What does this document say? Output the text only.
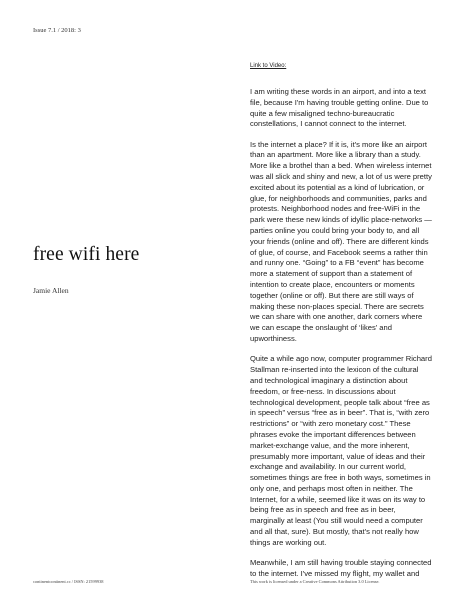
Issue 7.1 / 2018: 3
free wifi here
Jamie Allen
Link to Video:

I am writing these words in an airport, and into a text file, because I'm having trouble getting online. Due to quite a few misaligned techno-bureaucratic constellations, I cannot connect to the internet.

Is the internet a place? If it is, it's more like an airport than an apartment. More like a library than a study. More like a brothel than a bed. When wireless internet was all slick and shiny and new, a lot of us were pretty excited about its potential as a kind of lubrication, or glue, for neighborhoods and communities, parks and protests. Neighborhood nodes and free-WiFi in the park were these new kinds of idyllic place-networks — parties online you could bring your body to, and all your friends (online and off). There are different kinds of glue, of course, and Facebook seems a rather thin and runny one. “Going” to a FB “event” has become more a statement of support than a statement of intention to create place, encounters or moments together (online or off). But there are still ways of making these non-places special. There are secrets we can share with one another, dark corners where we can escape the onslaught of ‘likes’ and upworthiness.

Quite a while ago now, computer programmer Richard Stallman re-inserted into the lexicon of the cultural and technological imaginary a distinction about freedom, or free-ness. In discussions about technological development, people talk about “free as in speech” versus “free as in beer”. That is, “with zero restrictions” or “with zero monetary cost.” These phrases evoke the important differences between market-exchange value, and the more inherent, presumably more important, value of ideas and their exchange and availability. In our current world, sometimes things are free in both ways, sometimes in only one, and perhaps most often in neither. The Internet, for a while, seemed like it was on its way to being free as in speech and free as in beer, marginally at least (You still would need a computer and all that, sure). But mostly, that's not really how things are working out.

Meanwhile, I am still having trouble staying connected to the internet. I've missed my flight, my wallet and

continentcontinent.cc / ISSN: 21599938	This work is licensed under a Creative Commons Attribution 3.0 License.
